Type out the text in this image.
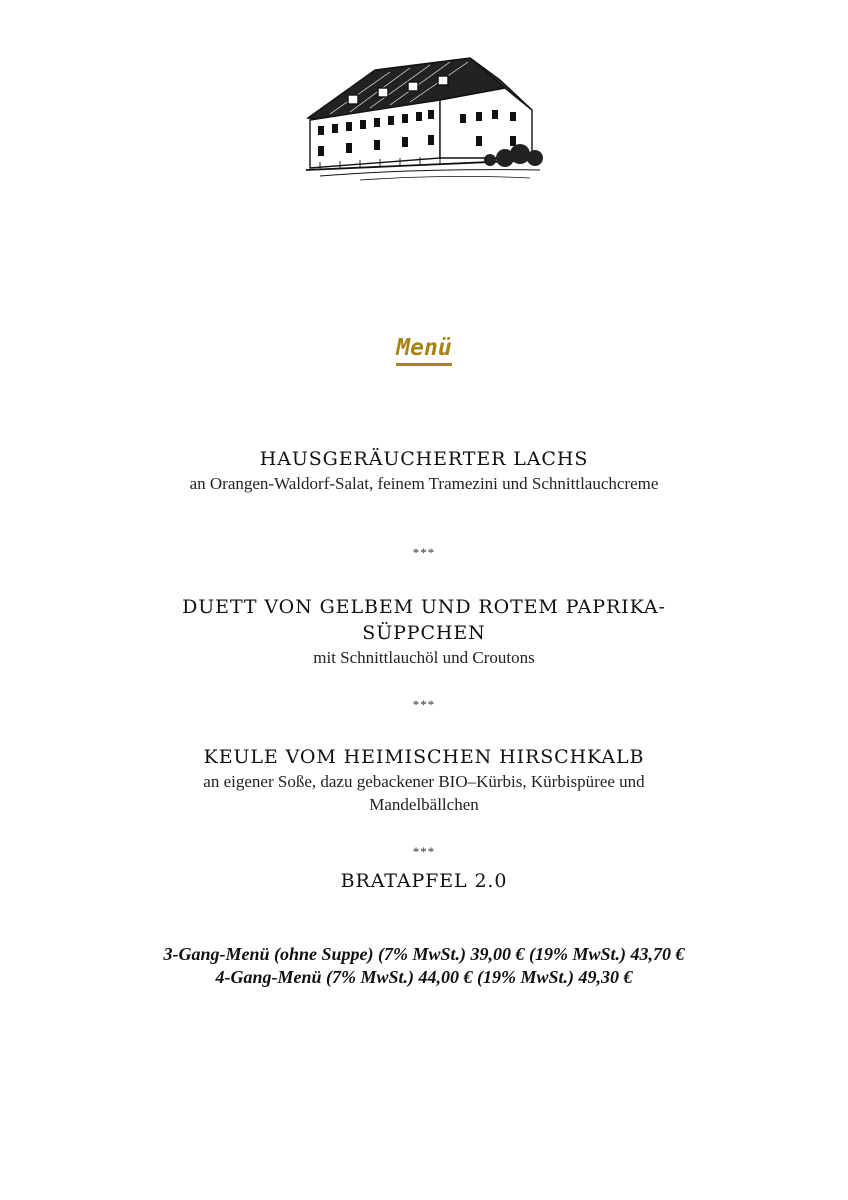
Menü
HAUSGERÄUCHERTER LACHS
an Orangen-Waldorf-Salat, feinem Tramezini und Schnittlauchcreme
***
DUETT VON GELBEM UND ROTEM PAPRIKA-
SÜPPCHEN
mit Schnittlauchöl und Croutons
***
KEULE VOM HEIMISCHEN HIRSCHKALB
an eigener Soße, dazu gebackener BIO–Kürbis, Kürbispüree und
Mandelbällchen
***
BRATAPFEL 2.0
3-Gang-Menü (ohne Suppe) (7% MwSt.) 39,00 € (19% MwSt.) 43,70 €
4-Gang-Menü (7% MwSt.) 44,00 € (19% MwSt.) 49,30 €
